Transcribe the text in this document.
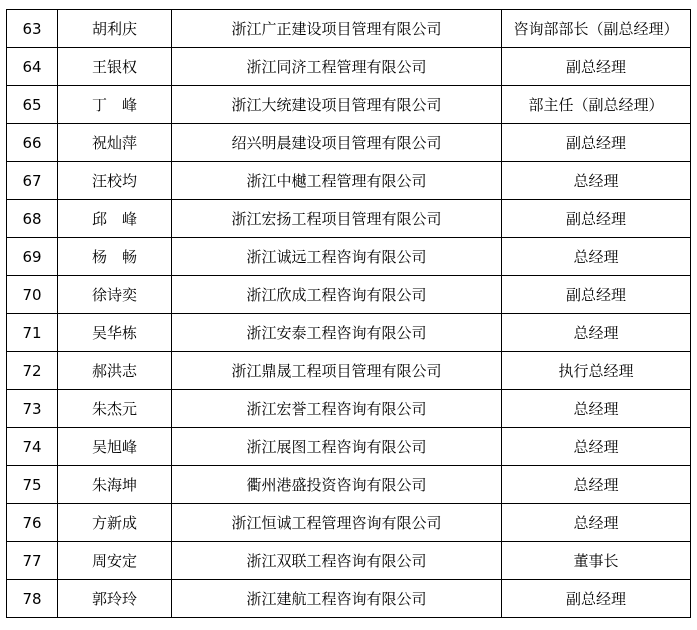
63	胡利庆	浙江广正建设项目管理有限公司	咨询部部长（副总经理）
64	王银权	浙江同济工程管理有限公司	副总经理
65	丁　峰	浙江大统建设项目管理有限公司	部主任（副总经理）
66	祝灿萍	绍兴明晨建设项目管理有限公司	副总经理
67	汪校均	浙江中樾工程管理有限公司	总经理
68	邱　峰	浙江宏扬工程项目管理有限公司	副总经理
69	杨　畅	浙江诚远工程咨询有限公司	总经理
70	徐诗奕	浙江欣成工程咨询有限公司	副总经理
71	吴华栋	浙江安泰工程咨询有限公司	总经理
72	郝洪志	浙江鼎晟工程项目管理有限公司	执行总经理
73	朱杰元	浙江宏誉工程咨询有限公司	总经理
74	吴旭峰	浙江展图工程咨询有限公司	总经理
75	朱海坤	衢州港盛投资咨询有限公司	总经理
76	方新成	浙江恒诚工程管理咨询有限公司	总经理
77	周安定	浙江双联工程咨询有限公司	董事长
78	郭玲玲	浙江建航工程咨询有限公司	副总经理
